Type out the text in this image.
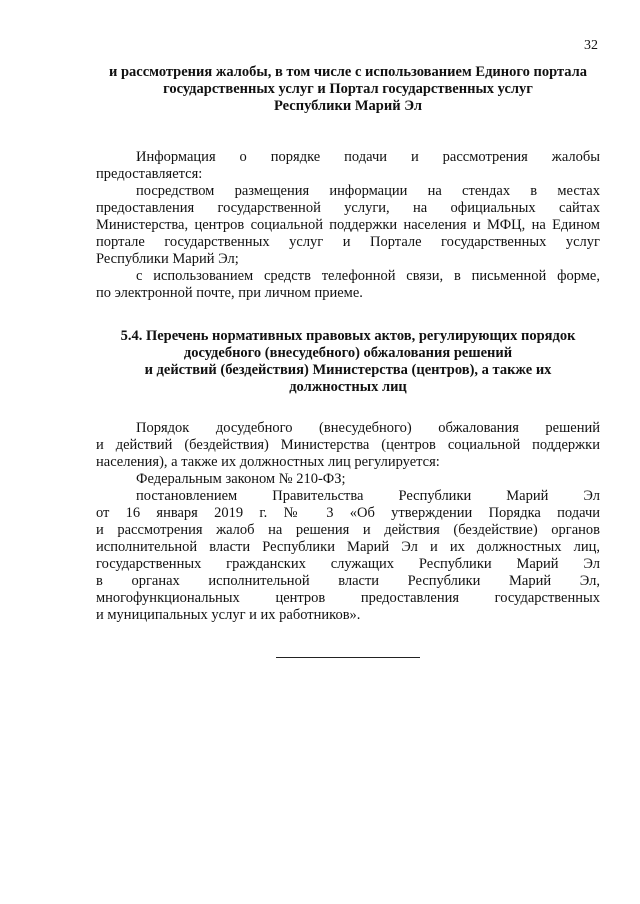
32
и рассмотрения жалобы, в том числе с использованием Единого портала
государственных услуг и Портал государственных услуг
Республики Марий Эл
Информация о порядке подачи и рассмотрения жалобы
предоставляется:
посредством размещения информации на стендах в местах
предоставления государственной услуги, на официальных сайтах
Министерства, центров социальной поддержки населения и МФЦ, на Едином
портале государственных услуг и Портале государственных услуг
Республики Марий Эл;
с использованием средств телефонной связи, в письменной форме,
по электронной почте, при личном приеме.
5.4. Перечень нормативных правовых актов, регулирующих порядок
досудебного (внесудебного) обжалования решений
и действий (бездействия) Министерства (центров), а также их
должностных лиц
Порядок досудебного (внесудебного) обжалования решений
и действий (бездействия) Министерства (центров социальной поддержки
населения), а также их должностных лиц регулируется:
Федеральным законом № 210-ФЗ;
постановлением Правительства Республики Марий Эл
от 16 января 2019 г. № 3 «Об утверждении Порядка подачи
и рассмотрения жалоб на решения и действия (бездействие) органов
исполнительной власти Республики Марий Эл и их должностных лиц,
государственных гражданских служащих Республики Марий Эл
в органах исполнительной власти Республики Марий Эл,
многофункциональных центров предоставления государственных
и муниципальных услуг и их работников».
